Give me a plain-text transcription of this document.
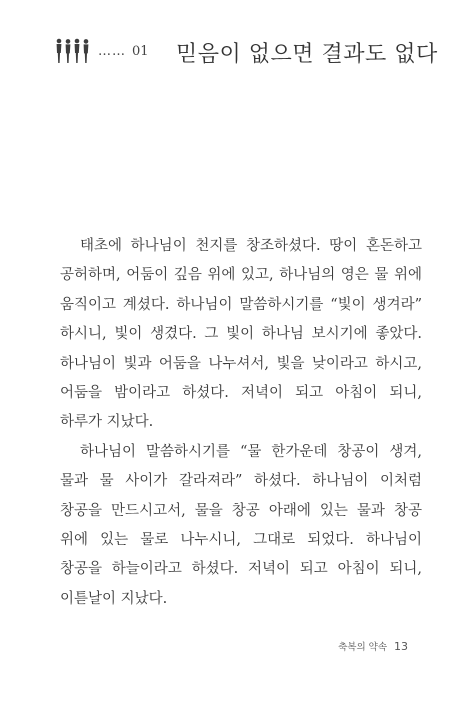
…… 01 믿음이 없으면 결과도 없다

태초에 하나님이 천지를 창조하셨다. 땅이 혼돈하고 공허하며, 어둠이 깊음 위에 있고, 하나님의 영은 물 위에 움직이고 계셨다. 하나님이 말씀하시기를 “빛이 생겨라” 하시니, 빛이 생겼다. 그 빛이 하나님 보시기에 좋았다. 하나님이 빛과 어둠을 나누셔서, 빛을 낮이라고 하시고, 어둠을 밤이라고 하셨다. 저녁이 되고 아침이 되니, 하루가 지났다.

하나님이 말씀하시기를 “물 한가운데 창공이 생겨, 물과 물 사이가 갈라져라” 하셨다. 하나님이 이처럼 창공을 만드시고서, 물을 창공 아래에 있는 물과 창공 위에 있는 물로 나누시니, 그대로 되었다. 하나님이 창공을 하늘이라고 하셨다. 저녁이 되고 아침이 되니, 이튿날이 지났다.

축복의 약속 13
